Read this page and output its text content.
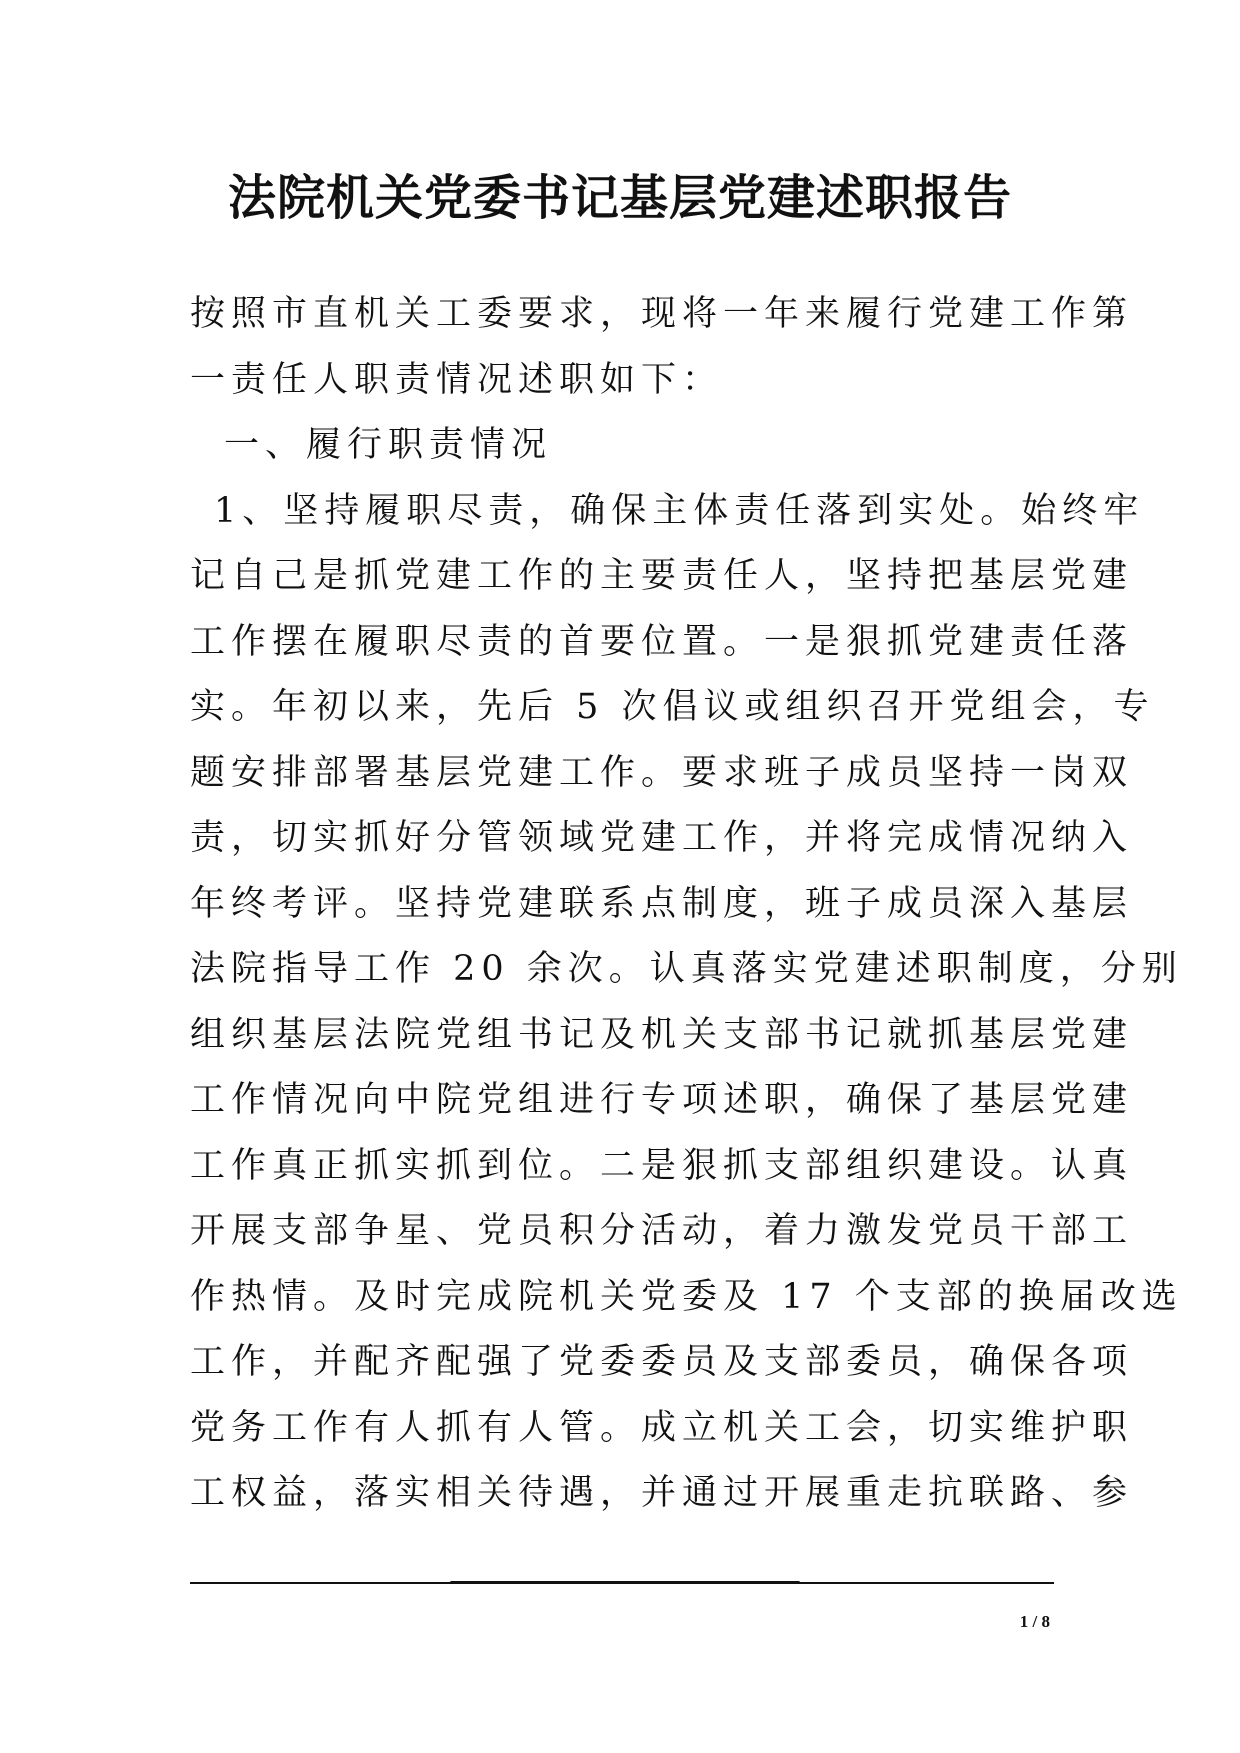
法院机关党委书记基层党建述职报告
按照市直机关工委要求，现将一年来履行党建工作第
一责任人职责情况述职如下：
一、履行职责情况
1、坚持履职尽责，确保主体责任落到实处。始终牢
记自己是抓党建工作的主要责任人，坚持把基层党建
工作摆在履职尽责的首要位置。一是狠抓党建责任落
实。年初以来，先后 5 次倡议或组织召开党组会，专
题安排部署基层党建工作。要求班子成员坚持一岗双
责，切实抓好分管领域党建工作，并将完成情况纳入
年终考评。坚持党建联系点制度，班子成员深入基层
法院指导工作 20 余次。认真落实党建述职制度，分别
组织基层法院党组书记及机关支部书记就抓基层党建
工作情况向中院党组进行专项述职，确保了基层党建
工作真正抓实抓到位。二是狠抓支部组织建设。认真
开展支部争星、党员积分活动，着力激发党员干部工
作热情。及时完成院机关党委及 17 个支部的换届改选
工作，并配齐配强了党委委员及支部委员，确保各项
党务工作有人抓有人管。成立机关工会，切实维护职
工权益，落实相关待遇，并通过开展重走抗联路、参
1 / 8
